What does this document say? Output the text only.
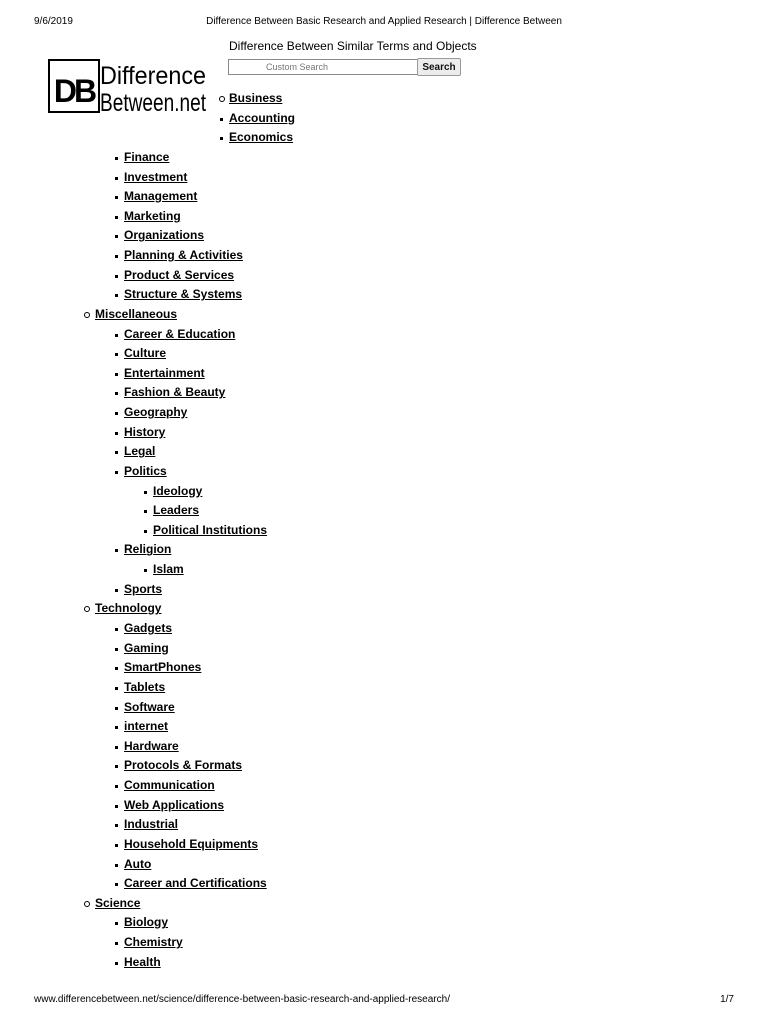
9/6/2019	Difference Between Basic Research and Applied Research | Difference Between
DB Difference
Between.net
Difference Between Similar Terms and Objects
Custom Search
Search
Business
Accounting
Economics
Finance
Investment
Management
Marketing
Organizations
Planning & Activities
Product & Services
Structure & Systems
Miscellaneous
Career & Education
Culture
Entertainment
Fashion & Beauty
Geography
History
Legal
Politics
Ideology
Leaders
Political Institutions
Religion
Islam
Sports
Technology
Gadgets
Gaming
SmartPhones
Tablets
Software
internet
Hardware
Protocols & Formats
Communication
Web Applications
Industrial
Household Equipments
Auto
Career and Certifications
Science
Biology
Chemistry
Health
www.differencebetween.net/science/difference-between-basic-research-and-applied-research/	1/7
